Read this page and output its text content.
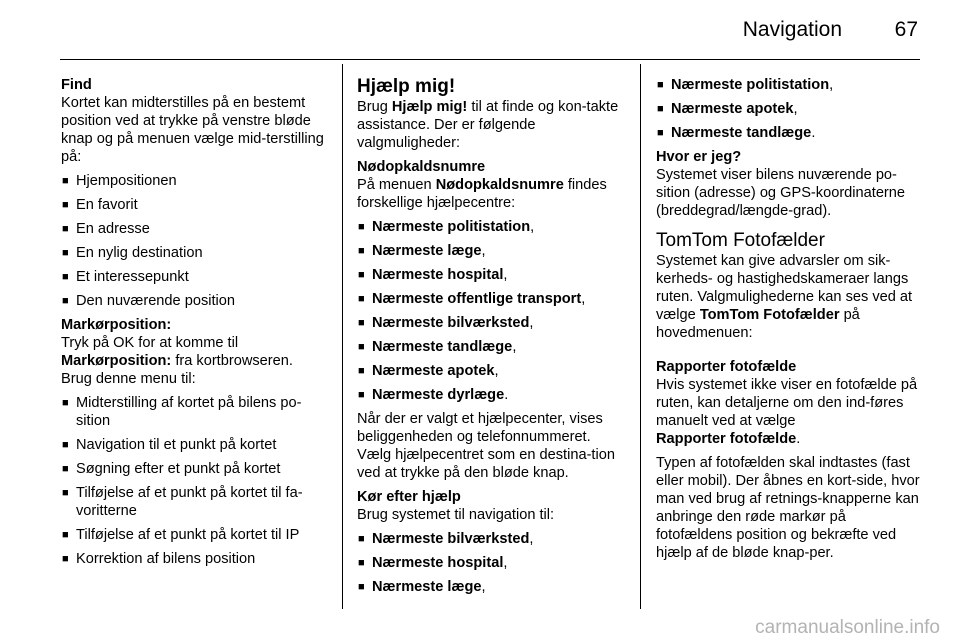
Navigation	67
Find

Kortet kan midterstilles på en bestemt position ved at trykke på venstre bløde knap og på menuen vælge mid-terstilling på:

■ Hjempositionen
■ En favorit
■ En adresse
■ En nylig destination
■ Et interessepunkt
■ Den nuværende position
Markørposition:

Tryk på OK for at komme til
Markørposition: fra kortbrowseren.
Brug denne menu til:

■ Midterstilling af kortet på bilens po-sition
■ Navigation til et punkt på kortet
■ Søgning efter et punkt på kortet
■ Tilføjelse af et punkt på kortet til fa-voritterne
■ Tilføjelse af et punkt på kortet til IP
■ Korrektion af bilens position
Hjælp mig!

Brug Hjælp mig! til at finde og kon-takte assistance. Der er følgende valgmuligheder:

Nødopkaldsnumre

På menuen Nødopkaldsnumre findes forskellige hjælpecentre:

■ Nærmeste politistation,
■ Nærmeste læge,
■ Nærmeste hospital,
■ Nærmeste offentlige transport,
■ Nærmeste bilværksted,
■ Nærmeste tandlæge,
■ Nærmeste apotek,
■ Nærmeste dyrlæge.

Når der er valgt et hjælpecenter, vises beliggenheden og telefonnummeret. Vælg hjælpecentret som en destina-tion ved at trykke på den bløde knap.

Kør efter hjælp

Brug systemet til navigation til:

■ Nærmeste bilværksted,
■ Nærmeste hospital,
■ Nærmeste læge,
■ Nærmeste politistation,
■ Nærmeste apotek,
■ Nærmeste tandlæge.
Hvor er jeg?

Systemet viser bilens nuværende po-sition (adresse) og GPS-koordinaterne (breddegrad/længde-grad).

TomTom Fotofælder

Systemet kan give advarsler om sik-kerheds- og hastighedskameraer langs ruten. Valgmulighederne kan ses ved at vælge TomTom Fotofælder på hovedmenuen:

Rapporter fotofælde

Hvis systemet ikke viser en fotofælde på ruten, kan detaljerne om den ind-føres manuelt ved at vælge
Rapporter fotofælde.

Typen af fotofælden skal indtastes (fast eller mobil). Der åbnes en kort-side, hvor man ved brug af retnings-knapperne kan anbringe den røde markør på fotofældens position og bekræfte ved hjælp af de bløde knap-per.

carmanualsonline.info
